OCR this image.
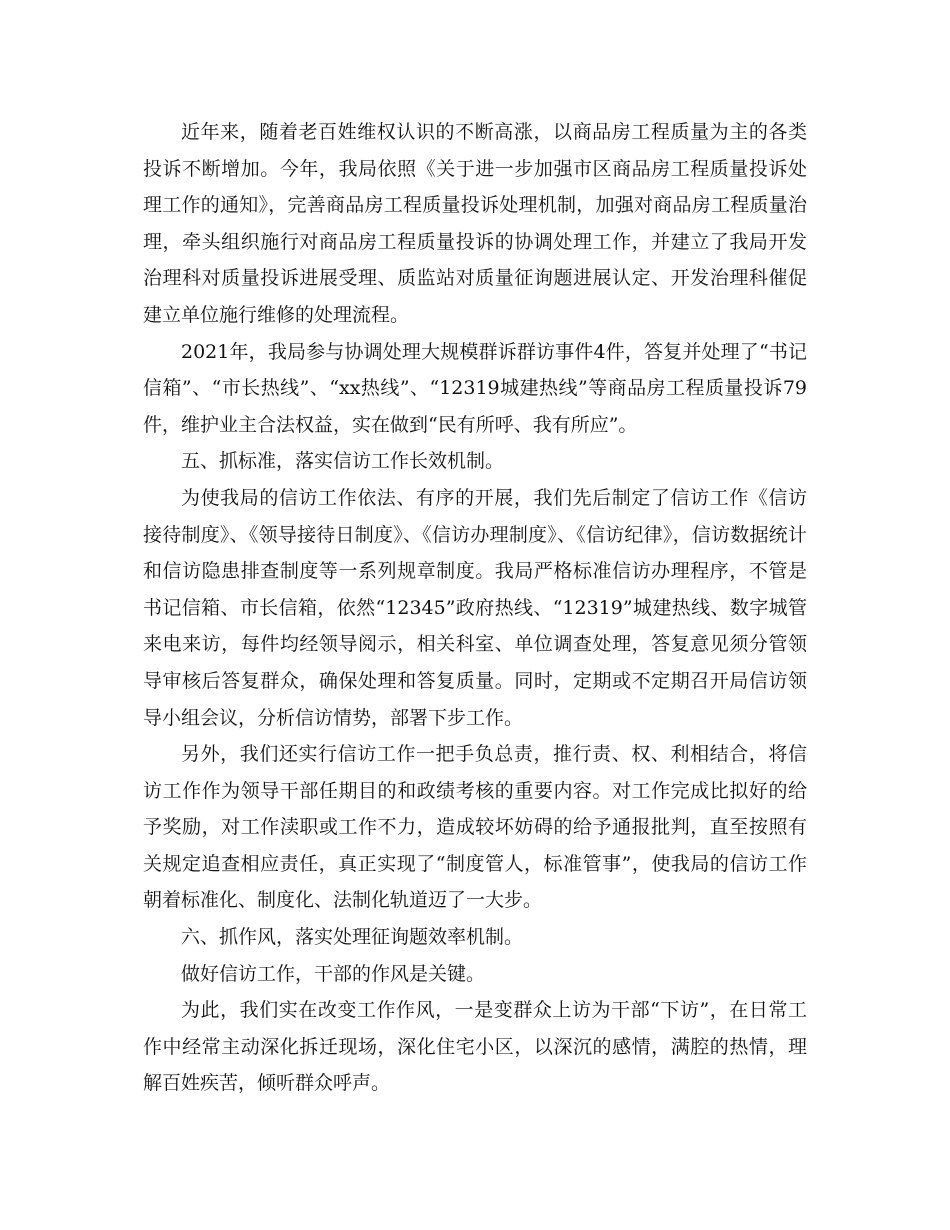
近年来，随着老百姓维权认识的不断高涨，以商品房工程质量为主的各类投诉不断增加。今年，我局依照《关于进一步加强市区商品房工程质量投诉处理工作的通知》，完善商品房工程质量投诉处理机制，加强对商品房工程质量治理，牵头组织施行对商品房工程质量投诉的协调处理工作，并建立了我局开发治理科对质量投诉进展受理、质监站对质量征询题进展认定、开发治理科催促建立单位施行维修的处理流程。

2021年，我局参与协调处理大规模群诉群访事件4件，答复并处理了“书记信箱”、“市长热线”、“xx热线”、“12319城建热线”等商品房工程质量投诉79件，维护业主合法权益，实在做到“民有所呼、我有所应”。

五、抓标准，落实信访工作长效机制。

为使我局的信访工作依法、有序的开展，我们先后制定了信访工作《信访接待制度》、《领导接待日制度》、《信访办理制度》、《信访纪律》，信访数据统计和信访隐患排查制度等一系列规章制度。我局严格标准信访办理程序，不管是书记信箱、市长信箱，依然“12345”政府热线、“12319”城建热线、数字城管来电来访，每件均经领导阅示，相关科室、单位调查处理，答复意见须分管领导审核后答复群众，确保处理和答复质量。同时，定期或不定期召开局信访领导小组会议，分析信访情势，部署下步工作。

另外，我们还实行信访工作一把手负总责，推行责、权、利相结合，将信访工作作为领导干部任期目的和政绩考核的重要内容。对工作完成比拟好的给予奖励，对工作渎职或工作不力，造成较坏妨碍的给予通报批判，直至按照有关规定追查相应责任，真正实现了“制度管人，标准管事”，使我局的信访工作朝着标准化、制度化、法制化轨道迈了一大步。

六、抓作风，落实处理征询题效率机制。

做好信访工作，干部的作风是关键。

为此，我们实在改变工作作风，一是变群众上访为干部“下访”，在日常工作中经常主动深化拆迁现场，深化住宅小区，以深沉的感情，满腔的热情，理解百姓疾苦，倾听群众呼声。
